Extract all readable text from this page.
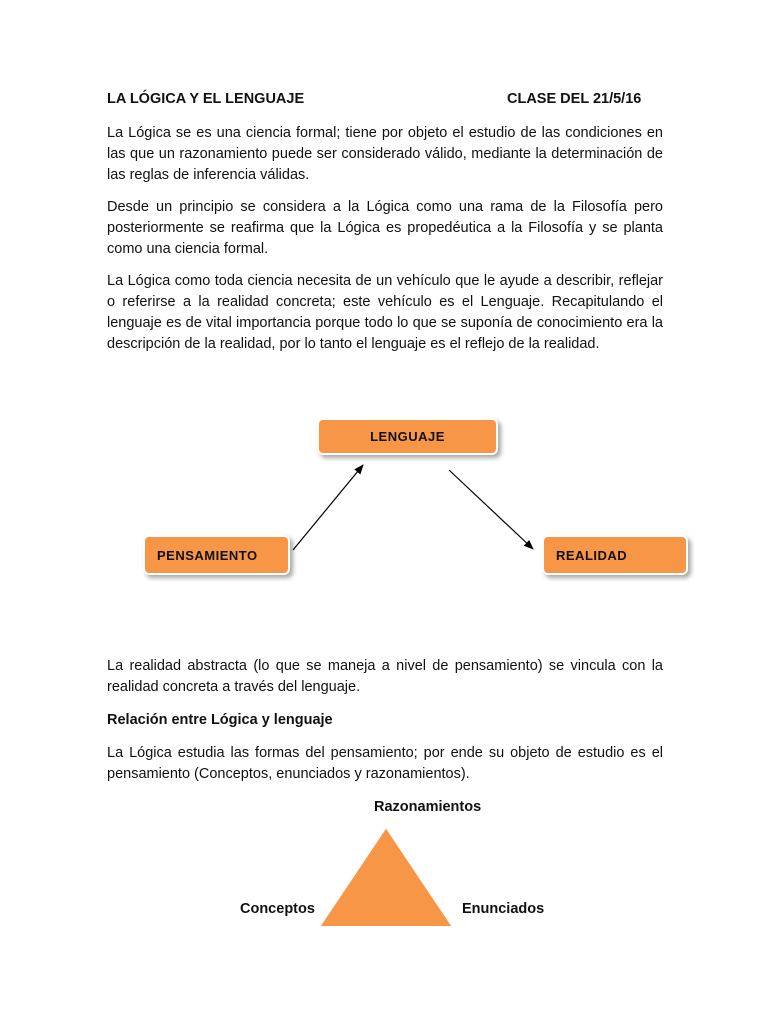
LA LÓGICA Y EL LENGUAJE	CLASE DEL 21/5/16

La Lógica se es una ciencia formal; tiene por objeto el estudio de las condiciones en las que un razonamiento puede ser considerado válido, mediante la determinación de las reglas de inferencia válidas.

Desde un principio se considera a la Lógica como una rama de la Filosofía pero posteriormente se reafirma que la Lógica es propedéutica a la Filosofía y se planta como una ciencia formal.

La Lógica como toda ciencia necesita de un vehículo que le ayude a describir, reflejar o referirse a la realidad concreta; este vehículo es el Lenguaje. Recapitulando el lenguaje es de vital importancia porque todo lo que se suponía de conocimiento era la descripción de la realidad, por lo tanto el lenguaje es el reflejo de la realidad.

La realidad abstracta (lo que se maneja a nivel de pensamiento) se vincula con la realidad concreta a través del lenguaje.

Relación entre Lógica y lenguaje

La Lógica estudia las formas del pensamiento; por ende su objeto de estudio es el pensamiento (Conceptos, enunciados y razonamientos).

LENGUAJE
PENSAMIENTO	REALIDAD
Razonamientos
Conceptos	Enunciados
